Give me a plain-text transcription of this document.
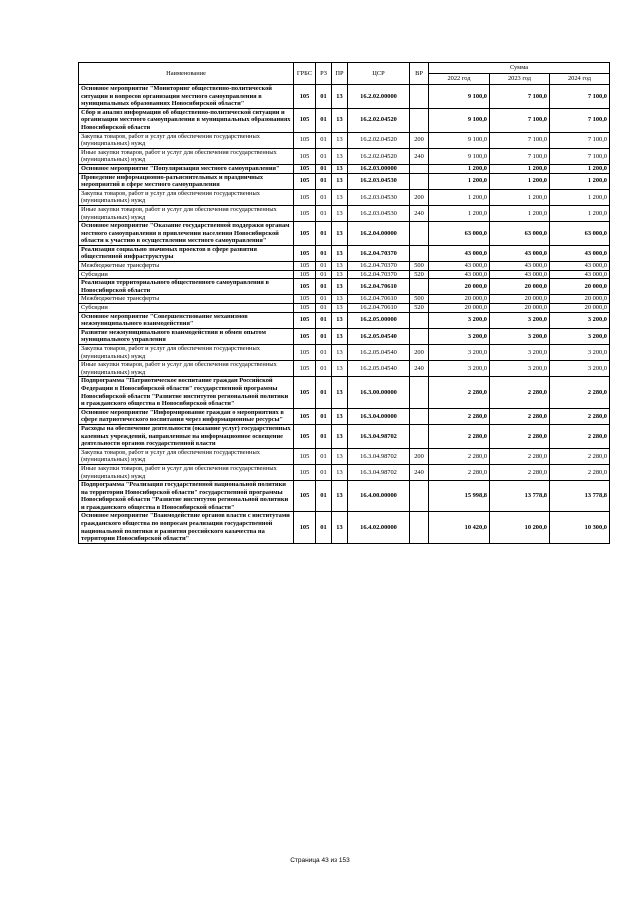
Наименование	ГРБС	РЗ	ПР	ЦСР	ВР	Сумма		
						2022 год	2023 год	2024 год
Основное мероприятие "Мониторинг общественно-политической ситуации и вопросов организации местного самоуправления в муниципальных образованиях Новосибирской области"	105	01	13	16.2.02.00000		9 100,0	7 100,0	7 100,0
Сбор и анализ информации об общественно-политической ситуации и организации местного самоуправления в муниципальных образованиях Новосибирской области	105	01	13	16.2.02.04520		9 100,0	7 100,0	7 100,0
Закупка товаров, работ и услуг для обеспечения государственных (муниципальных) нужд	105	01	13	16.2.02.04520	200	9 100,0	7 100,0	7 100,0
Иные закупки товаров, работ и услуг для обеспечения государственных (муниципальных) нужд	105	01	13	16.2.02.04520	240	9 100,0	7 100,0	7 100,0
Основное мероприятие "Популяризация местного самоуправления"	105	01	13	16.2.03.00000		1 200,0	1 200,0	1 200,0
Проведение информационно-разъяснительных и праздничных мероприятий в сфере местного самоуправления	105	01	13	16.2.03.04530		1 200,0	1 200,0	1 200,0
Закупка товаров, работ и услуг для обеспечения государственных (муниципальных) нужд	105	01	13	16.2.03.04530	200	1 200,0	1 200,0	1 200,0
Иные закупки товаров, работ и услуг для обеспечения государственных (муниципальных) нужд	105	01	13	16.2.03.04530	240	1 200,0	1 200,0	1 200,0
Основное мероприятие "Оказание государственной поддержки органам местного самоуправления в привлечении населения Новосибирской области к участию в осуществлении местного самоуправления"	105	01	13	16.2.04.00000		63 000,0	63 000,0	63 000,0
Реализация социально значимых проектов в сфере развития общественной инфраструктуры	105	01	13	16.2.04.70370		43 000,0	43 000,0	43 000,0
Межбюджетные трансферты	105	01	13	16.2.04.70370	500	43 000,0	43 000,0	43 000,0
Субсидии	105	01	13	16.2.04.70370	520	43 000,0	43 000,0	43 000,0
Реализация территориального общественного самоуправления в Новосибирской области	105	01	13	16.2.04.70610		20 000,0	20 000,0	20 000,0
Межбюджетные трансферты	105	01	13	16.2.04.70610	500	20 000,0	20 000,0	20 000,0
Субсидии	105	01	13	16.2.04.70610	520	20 000,0	20 000,0	20 000,0
Основное мероприятие "Совершенствование механизмов межмуниципального взаимодействия"	105	01	13	16.2.05.00000		3 200,0	3 200,0	3 200,0
Развитие межмуниципального взаимодействия и обмен опытом муниципального управления	105	01	13	16.2.05.04540		3 200,0	3 200,0	3 200,0
Закупка товаров, работ и услуг для обеспечения государственных (муниципальных) нужд	105	01	13	16.2.05.04540	200	3 200,0	3 200,0	3 200,0
Иные закупки товаров, работ и услуг для обеспечения государственных (муниципальных) нужд	105	01	13	16.2.05.04540	240	3 200,0	3 200,0	3 200,0
Подпрограмма "Патриотическое воспитание граждан Российской Федерации в Новосибирской области" государственной программы Новосибирской области "Развитие институтов региональной политики и гражданского общества в Новосибирской области"	105	01	13	16.3.00.00000		2 280,0	2 280,0	2 280,0
Основное мероприятие "Информирование граждан о мероприятиях в сфере патриотического воспитания через информационные ресурсы"	105	01	13	16.3.04.00000		2 280,0	2 280,0	2 280,0
Расходы на обеспечение деятельности (оказание услуг) государственных казенных учреждений, направленные на информационное освещение деятельности органов государственной власти	105	01	13	16.3.04.98702		2 280,0	2 280,0	2 280,0
Закупка товаров, работ и услуг для обеспечения государственных (муниципальных) нужд	105	01	13	16.3.04.98702	200	2 280,0	2 280,0	2 280,0
Иные закупки товаров, работ и услуг для обеспечения государственных (муниципальных) нужд	105	01	13	16.3.04.98702	240	2 280,0	2 280,0	2 280,0
Подпрограмма "Реализация государственной национальной политики на территории Новосибирской области" государственной программы Новосибирской области "Развитие институтов региональной политики и гражданского общества в Новосибирской области"	105	01	13	16.4.00.00000		15 998,8	13 778,8	13 778,8
Основное мероприятие "Взаимодействие органов власти с институтами гражданского общества по вопросам реализации государственной национальной политики и развития российского казачества на территории Новосибирской области"	105	01	13	16.4.02.00000		10 420,0	10 200,0	10 300,0
Страница 43 из 153
